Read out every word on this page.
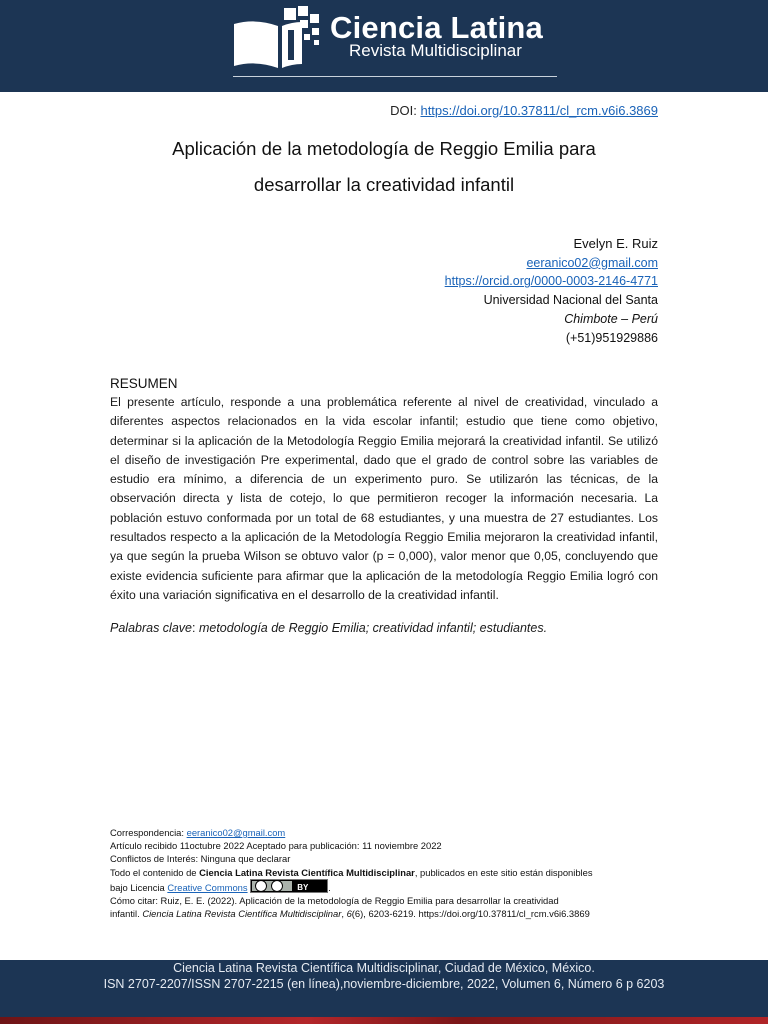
Ciencia Latina
Revista Multidisciplinar
DOI: https://doi.org/10.37811/cl_rcm.v6i6.3869
Aplicación de la metodología de Reggio Emilia para
desarrollar la creatividad infantil
Evelyn E. Ruiz
eeranico02@gmail.com
https://orcid.org/0000-0003-2146-4771
Universidad Nacional del Santa
Chimbote – Perú
(+51)951929886
RESUMEN
El presente artículo, responde a una problemática referente al nivel de creatividad, vinculado a diferentes aspectos relacionados en la vida escolar infantil; estudio que tiene como objetivo, determinar si la aplicación de la Metodología Reggio Emilia mejorará la creatividad infantil. Se utilizó el diseño de investigación Pre experimental, dado que el grado de control sobre las variables de estudio era mínimo, a diferencia de un experimento puro. Se utilizarón las técnicas, de la observación directa y lista de cotejo, lo que permitieron recoger la información necesaria. La población estuvo conformada por un total de 68 estudiantes, y una muestra de 27 estudiantes. Los resultados respecto a la aplicación de la Metodología Reggio Emilia mejoraron la creatividad infantil, ya que según la prueba Wilson se obtuvo valor (p = 0,000), valor menor que 0,05, concluyendo que existe evidencia suficiente para afirmar que la aplicación de la metodología Reggio Emilia logró con éxito una variación significativa en el desarrollo de la creatividad infantil.
Palabras clave: metodología de Reggio Emilia; creatividad infantil; estudiantes.
Correspondencia: eeranico02@gmail.com
Artículo recibido 11octubre 2022 Aceptado para publicación: 11 noviembre 2022
Conflictos de Interés: Ninguna que declarar
Todo el contenido de Ciencia Latina Revista Científica Multidisciplinar, publicados en este sitio están disponibles
bajo Licencia Creative Commons	BY .
Cómo citar: Ruiz, E. E. (2022). Aplicación de la metodología de Reggio Emilia para desarrollar la creatividad
infantil. Ciencia Latina Revista Científica Multidisciplinar, 6(6), 6203-6219. https://doi.org/10.37811/cl_rcm.v6i6.3869
Ciencia Latina Revista Científica Multidisciplinar, Ciudad de México, México.
ISN 2707-2207/ISSN 2707-2215 (en línea),noviembre-diciembre, 2022, Volumen 6, Número 6 p 6203
